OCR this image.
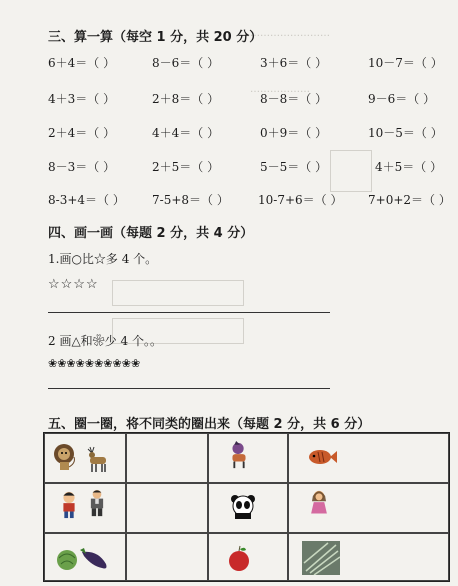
……………………
………………
三、算一算（每空 1 分，共 20 分）
6＋4＝（ ）	8－6＝（ ）	3＋6＝（ ）	10－7＝（ ）
4＋3＝（ ）	2＋8＝（ ）	8－8＝（ ）	9－6＝（ ）
2＋4＝（ ）	4＋4＝（ ）	0＋9＝（ ）	10－5＝（ ）
8－3＝（ ）	2＋5＝（ ）	5－5＝（ ）	4＋5＝（ ）
8-3+4＝（ ） 7-5+8＝（ ） 10-7+6＝（ ） 7+0+2＝（ ）
四、画一画（每题 2 分，共 4 分）
1.画○比☆多 4 个。
☆☆☆☆
2 画△和❀少 4 个。。
❀❀❀❀❀❀❀❀❀❀
五、圈一圈，将不同类的圈出来（每题 2 分，共 6 分）
